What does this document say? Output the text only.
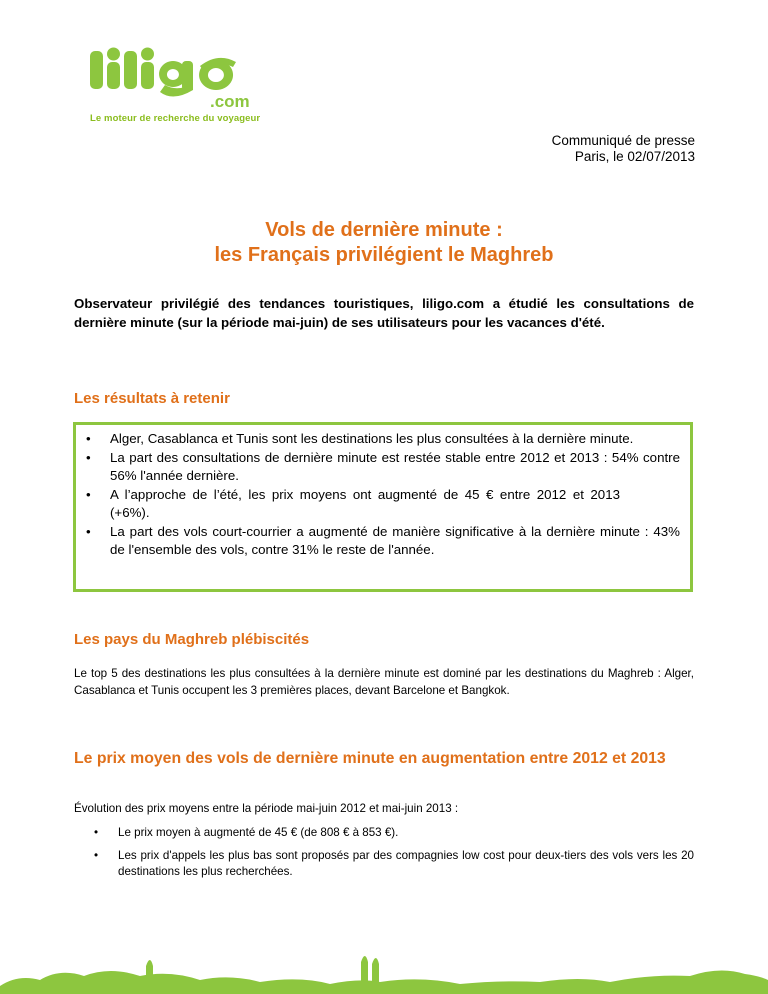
.com
Le moteur de recherche du voyageur
Communiqué de presse
Paris, le 02/07/2013
Vols de dernière minute :
les Français privilégient le Maghreb
Observateur privilégié des tendances touristiques, liligo.com a étudié les consultations de dernière minute (sur la période mai-juin) de ses utilisateurs pour les vacances d'été.
Les résultats à retenir
• Alger, Casablanca et Tunis sont les destinations les plus consultées à la dernière minute.
• La part des consultations de dernière minute est restée stable entre 2012 et 2013 : 54% contre 56% l'année dernière.
• A l’approche de l’été, les prix moyens ont augmenté de 45 € entre 2012 et 2013 (+6%).
• La part des vols court-courrier a augmenté de manière significative à la dernière minute : 43% de l'ensemble des vols, contre 31% le reste de l'année.
Les pays du Maghreb plébiscités
Le top 5 des destinations les plus consultées à la dernière minute est dominé par les destinations du Maghreb : Alger, Casablanca et Tunis occupent les 3 premières places, devant Barcelone et Bangkok.
Le prix moyen des vols de dernière minute en augmentation entre 2012 et 2013
Évolution des prix moyens entre la période mai-juin 2012 et mai-juin 2013 :
• Le prix moyen à augmenté de 45 € (de 808 € à 853 €).
• Les prix d'appels les plus bas sont proposés par des compagnies low cost pour deux-tiers des vols vers les 20 destinations les plus recherchées.
